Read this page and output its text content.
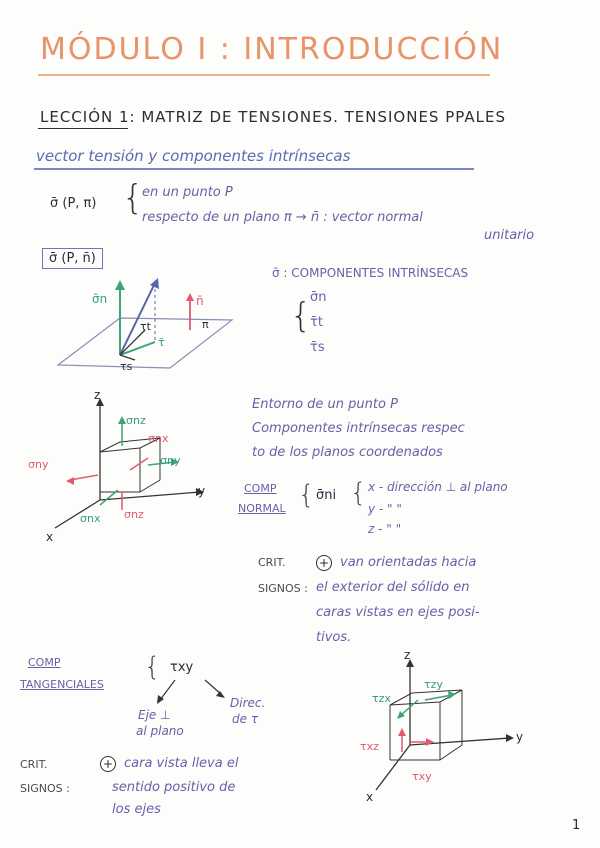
MÓDULO I : INTRODUCCIÓN
LECCIÓN 1: MATRIZ DE TENSIONES. TENSIONES PPALES
vector tensión y componentes intrínsecas
σ̄ (P, π) {
en un punto P
respecto de un plano π → n̄ : vector normal
unitario
σ̄ (P, n̄)
σ̄n
τt
τ̄
τs
n̄
π
σ̄ : COMPONENTES INTRÍNSECAS
{
σ̄n
τ̄t
τ̄s
z
y
x
σnz
σnx
σny
σny
σnx σnz
Entorno de un punto P
Componentes intrínsecas respec
to de los planos coordenados
COMP
NORMAL { σ̄ni { x - dirección ⊥ al plano
y - " "
z - " "
CRIT.
SIGNOS :
+ van orientadas hacia
el exterior del sólido en
caras vistas en ejes posi-
tivos.
COMP
TANGENCIALES
{ τxy
Eje ⊥
al plano
Direc.
de τ
CRIT.
SIGNOS :
+ cara vista lleva el
sentido positivo de
los ejes
z
y
x
τzx
τzy
τxz
τxy
1
